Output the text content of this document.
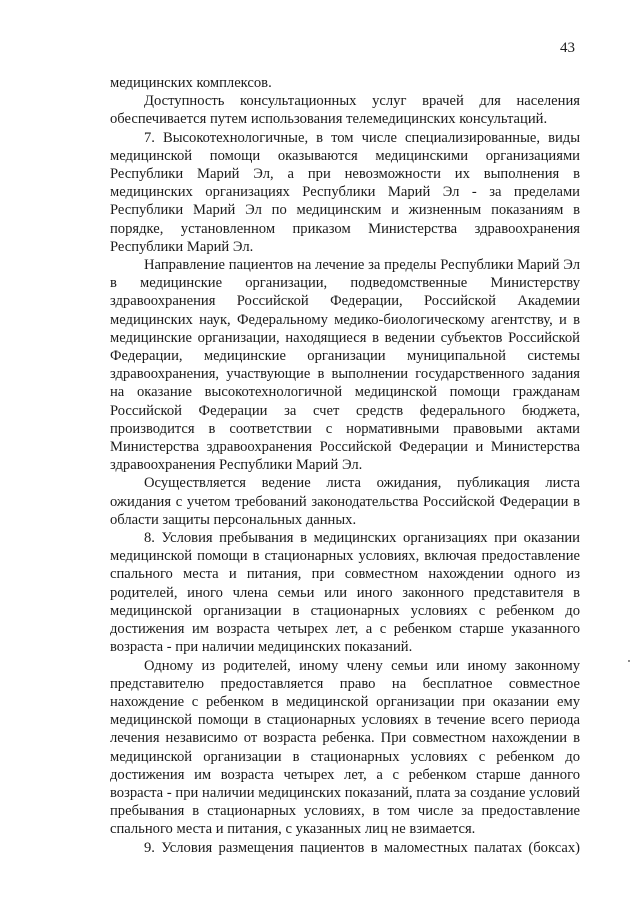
43

медицинских комплексов.

Доступность консультационных услуг врачей для населения обеспечивается путем использования телемедицинских консультаций.

7. Высокотехнологичные, в том числе специализированные, виды медицинской помощи оказываются медицинскими организациями Республики Марий Эл, а при невозможности их выполнения в медицинских организациях Республики Марий Эл - за пределами Республики Марий Эл по медицинским и жизненным показаниям в порядке, установленном приказом Министерства здравоохранения Республики Марий Эл.

Направление пациентов на лечение за пределы Республики Марий Эл в медицинские организации, подведомственные Министерству здравоохранения Российской Федерации, Российской Академии медицинских наук, Федеральному медико-биологическому агентству, и в медицинские организации, находящиеся в ведении субъектов Российской Федерации, медицинские организации муниципальной системы здравоохранения, участвующие в выполнении государственного задания на оказание высокотехнологичной медицинской помощи гражданам Российской Федерации за счет средств федерального бюджета, производится в соответствии с нормативными правовыми актами Министерства здравоохранения Российской Федерации и Министерства здравоохранения Республики Марий Эл.

Осуществляется ведение листа ожидания, публикация листа ожидания с учетом требований законодательства Российской Федерации в области защиты персональных данных.

8. Условия пребывания в медицинских организациях при оказании медицинской помощи в стационарных условиях, включая предоставление спального места и питания, при совместном нахождении одного из родителей, иного члена семьи или иного законного представителя в медицинской организации в стационарных условиях с ребенком до достижения им возраста четырех лет, а с ребенком старше указанного возраста - при наличии медицинских показаний.

Одному из родителей, иному члену семьи или иному законному представителю предоставляется право на бесплатное совместное нахождение с ребенком в медицинской организации при оказании ему медицинской помощи в стационарных условиях в течение всего периода лечения независимо от возраста ребенка. При совместном нахождении в медицинской организации в стационарных условиях с ребенком до достижения им возраста четырех лет, а с ребенком старше данного возраста - при наличии медицинских показаний, плата за создание условий пребывания в стационарных условиях, в том числе за предоставление спального места и питания, с указанных лиц не взимается.

9. Условия размещения пациентов в маломестных палатах (боксах)
